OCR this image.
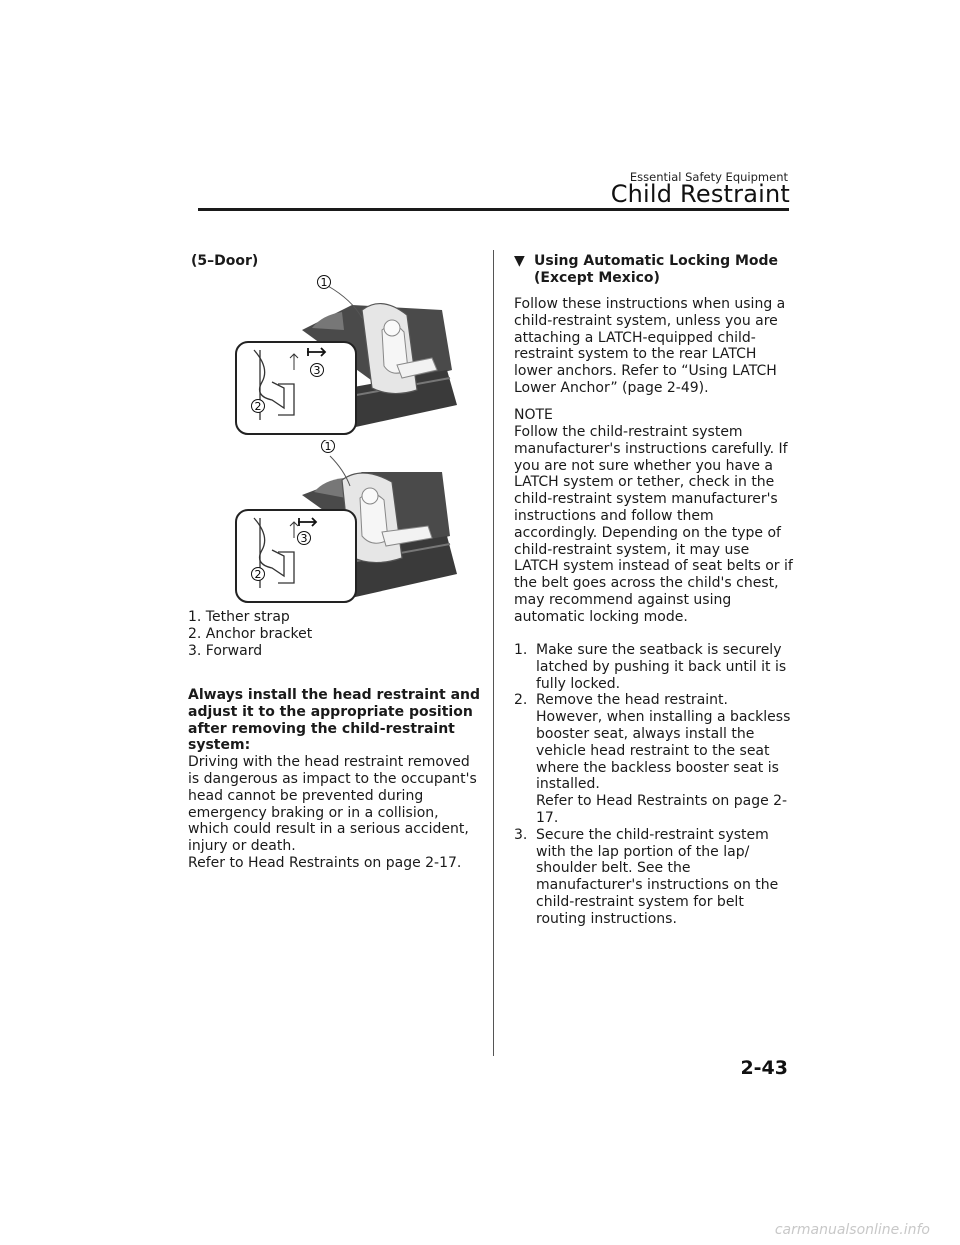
Essential Safety Equipment
Child Restraint

(5–Door)

1
3
2
1
3
2
1. Tether strap
2. Anchor bracket
3. Forward

Always install the head restraint and adjust it to the appropriate position after removing the child-restraint system:

Driving with the head restraint removed is dangerous as impact to the occupant's head cannot be prevented during emergency braking or in a collision, which could result in a serious accident, injury or death.

Refer to Head Restraints on page 2-17.

▼ Using Automatic Locking Mode (Except Mexico)

Follow these instructions when using a child-restraint system, unless you are attaching a LATCH-equipped child-restraint system to the rear LATCH lower anchors. Refer to “Using LATCH Lower Anchor” (page 2-49).

NOTE

Follow the child-restraint system manufacturer's instructions carefully. If you are not sure whether you have a LATCH system or tether, check in the child-restraint system manufacturer's instructions and follow them accordingly. Depending on the type of child-restraint system, it may use LATCH system instead of seat belts or if the belt goes across the child's chest, may recommend against using automatic locking mode.

1. Make sure the seatback is securely latched by pushing it back until it is fully locked.
2. Remove the head restraint. However, when installing a backless booster seat, always install the vehicle head restraint to the seat where the backless booster seat is installed.
Refer to Head Restraints on page 2-17.
3. Secure the child-restraint system with the lap portion of the lap/ shoulder belt. See the manufacturer's instructions on the child-restraint system for belt routing instructions.
2-43
carmanualsonline.info
